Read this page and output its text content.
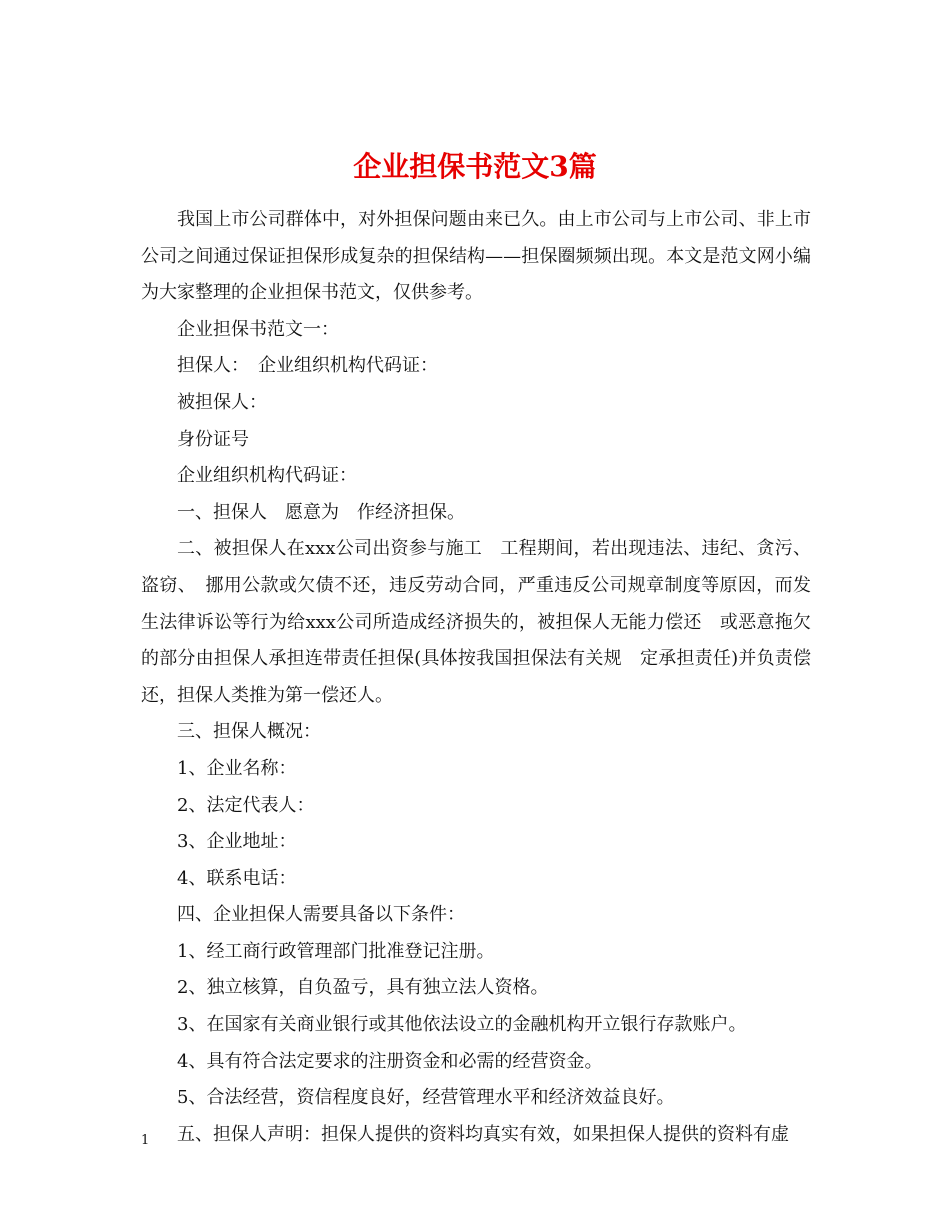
企业担保书范文3篇

我国上市公司群体中，对外担保问题由来已久。由上市公司与上市公司、非上市公司之间通过保证担保形成复杂的担保结构——担保圈频频出现。本文是范文网小编为大家整理的企业担保书范文，仅供参考。

企业担保书范文一：

担保人：　企业组织机构代码证：

被担保人：

身份证号

企业组织机构代码证：

一、担保人　愿意为　作经济担保。

二、被担保人在xxx公司出资参与施工　工程期间，若出现违法、违纪、贪污、盗窃、　挪用公款或欠债不还，违反劳动合同，严重违反公司规章制度等原因，而发生法律诉讼等行为给xxx公司所造成经济损失的，被担保人无能力偿还　或恶意拖欠的部分由担保人承担连带责任担保(具体按我国担保法有关规　定承担责任)并负责偿还，担保人类推为第一偿还人。

三、担保人概况：

1、企业名称：

2、法定代表人：

3、企业地址：

4、联系电话：

四、企业担保人需要具备以下条件：

1、经工商行政管理部门批准登记注册。

2、独立核算，自负盈亏，具有独立法人资格。

3、在国家有关商业银行或其他依法设立的金融机构开立银行存款账户。

4、具有符合法定要求的注册资金和必需的经营资金。

5、合法经营，资信程度良好，经营管理水平和经济效益良好。

五、担保人声明：担保人提供的资料均真实有效，如果担保人提供的资料有虚

1
